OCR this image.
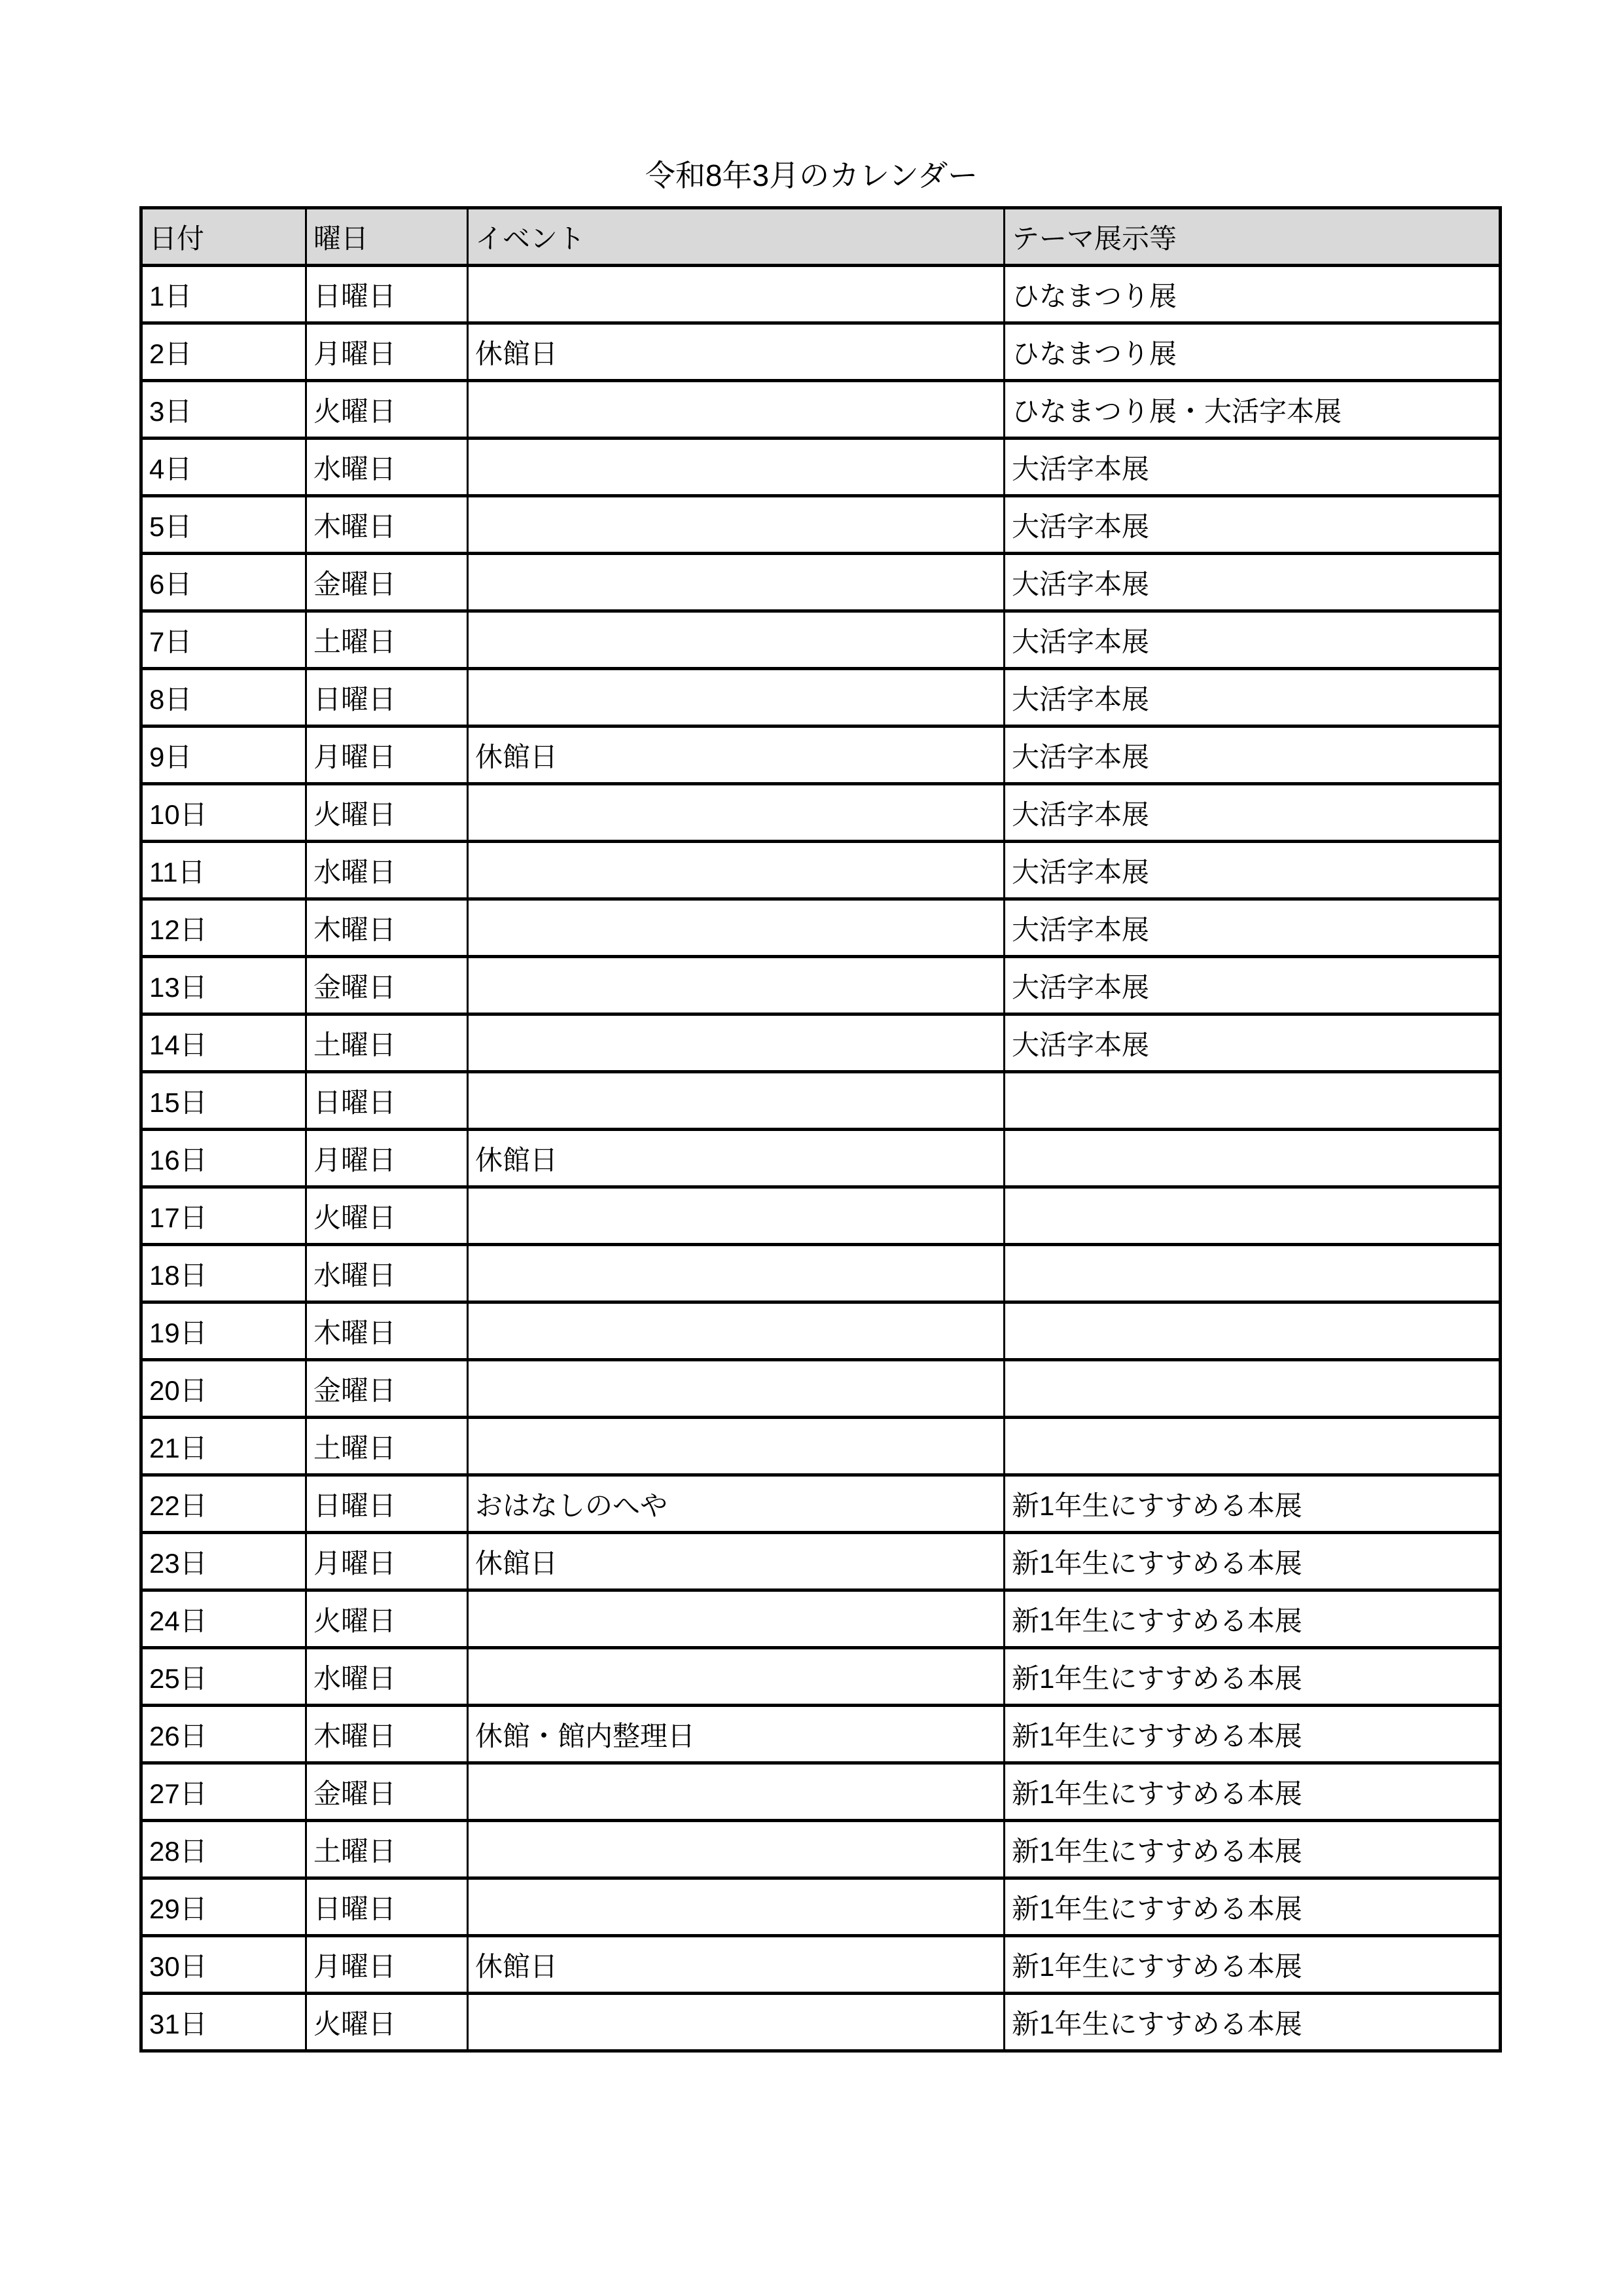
令和8年3月のカレンダー
日付	曜日	イベント	テーマ展示等
1日	日曜日		ひなまつり展
2日	月曜日	休館日	ひなまつり展
3日	火曜日		ひなまつり展・大活字本展
4日	水曜日		大活字本展
5日	木曜日		大活字本展
6日	金曜日		大活字本展
7日	土曜日		大活字本展
8日	日曜日		大活字本展
9日	月曜日	休館日	大活字本展
10日	火曜日		大活字本展
11日	水曜日		大活字本展
12日	木曜日		大活字本展
13日	金曜日		大活字本展
14日	土曜日		大活字本展
15日	日曜日		
16日	月曜日	休館日	
17日	火曜日		
18日	水曜日		
19日	木曜日		
20日	金曜日		
21日	土曜日		
22日	日曜日	おはなしのへや	新1年生にすすめる本展
23日	月曜日	休館日	新1年生にすすめる本展
24日	火曜日		新1年生にすすめる本展
25日	水曜日		新1年生にすすめる本展
26日	木曜日	休館・館内整理日	新1年生にすすめる本展
27日	金曜日		新1年生にすすめる本展
28日	土曜日		新1年生にすすめる本展
29日	日曜日		新1年生にすすめる本展
30日	月曜日	休館日	新1年生にすすめる本展
31日	火曜日		新1年生にすすめる本展
